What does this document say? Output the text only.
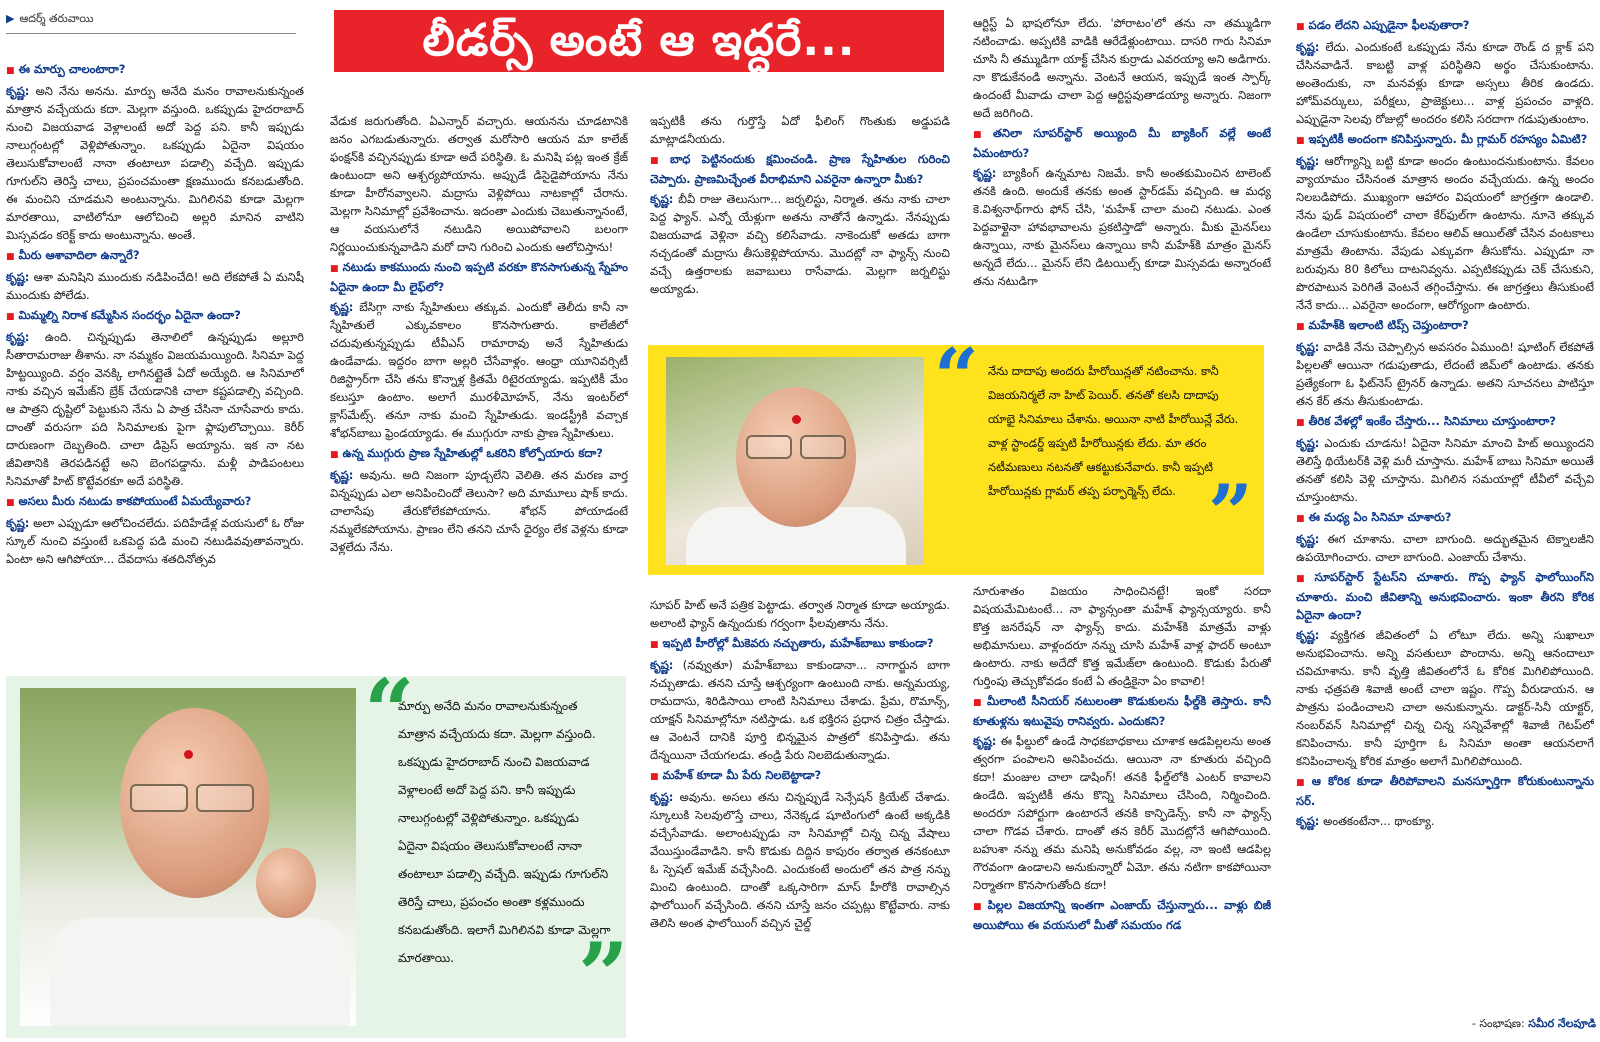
▶ ఆదర్శ్ తరువాయి	లీడర్స్ అంటే ఆ ఇద్దరే...
■ ఈ మార్పు చాలంటారా?

కృష్ణ: అని నేను అనను. మార్పు అనేది మనం రావాలనుకున్నంత మాత్రాన వచ్చేయదు కదా. మెల్లగా వస్తుంది. ఒకప్పుడు హైదరాబాద్ నుంచి విజయవాడ వెళ్లాలంటే అదో పెద్ద పని. కానీ ఇప్పుడు నాలుగ్గంటల్లో వెళ్లిపోతున్నాం. ఒకప్పుడు ఏదైనా విషయం తెలుసుకోవాలంటే నానా తంటాలూ పడాల్సి వచ్చేది. ఇప్పుడు గూగుల్‌ని తెరిస్తే చాలు, ప్రపంచమంతా క్షణముందు కనబడుతోంది. ఈ మంచిని చూడమని అంటున్నాను. మిగిలినవి కూడా మెల్లగా మారతాయి, వాటిలోనూ ఆలోచించి అల్లరి మానిన వాటిని మిస్సవడం కరెక్ట్ కాదు అంటున్నాను. అంతే.

■ మీరు ఆశావాదిలా ఉన్నారే?

కృష్ణ: ఆశా మనిషిని ముందుకు నడిపించేది! అది లేకపోతే ఏ మనిషీ ముందుకు పోలేడు.

■ మిమ్మల్ని నిరాశ కమ్మేసిన సందర్భం ఏదైనా ఉందా?

కృష్ణ: ఉంది. చిన్నప్పుడు తెనాలిలో ఉన్నప్పుడు అల్లూరి సీతారామరాజు తీశాను. నా నమ్మకం విజయమయ్యింది. సినిమా పెద్ద హిట్టయ్యింది. వర్షం వెనక్కి లాగినట్లైతే ఏదో అయ్యేది. ఆ సినిమాలో నాకు వచ్చిన ఇమేజ్‌ని బ్రేక్ చేయడానికి చాలా కష్టపడాల్సి వచ్చింది. ఆ పాత్రని దృష్టిలో పెట్టుకుని నేను ఏ పాత్ర చేసినా చూసేవారు కాదు. దాంతో వరుసగా పది సినిమాలకు పైగా ఫ్లాపులొచ్చాయి. కెరీర్ దారుణంగా దెబ్బతింది. చాలా డిప్రెస్ అయ్యాను. ఇక నా నట జీవితానికి తెరపడినట్టే అని బెంగపడ్డాను. మళ్లీ పాడిపంటలు సినిమాతో హిట్ కొట్టేవరకూ అదే పరిస్థితి.

■ అసలు మీరు నటుడు కాకపోయుంటే ఏమయ్యేవారు?

కృష్ణ: అలా ఎప్పుడూ ఆలోచించలేదు. పదిహేడేళ్ల వయసులో ఓ రోజు స్కూల్ నుంచి వస్తుంటే ఒకపెద్ద పడి మంచి నటుడివవుతావన్నారు. ఏంటా అని ఆగిపోయా... దేవదాసు శతదినోత్సవ

వేడుక జరుగుతోంది. ఏఎన్నార్ వచ్చారు. ఆయనను చూడటానికి జనం ఎగబడుతున్నారు. తర్వాత మరోసారి ఆయన మా కాలేజ్ ఫంక్షన్‌కి వచ్చినప్పుడు కూడా అదే పరిస్థితి. ఓ మనిషి పట్ల ఇంత క్రేజ్ ఉంటుందా అని ఆశ్చర్యపోయాను. అప్పుడే డిసైడైపోయాను నేను కూడా హీరోనవ్వాలని. మద్రాసు వెళ్లిపోయి నాటకాల్లో చేరాను. మెల్లగా సినిమాల్లో ప్రవేశించాను. ఇదంతా ఎందుకు చెబుతున్నానంటే, ఆ వయసులోనే నటుడిని అయిపోవాలని బలంగా నిర్ణయించుకున్నవాడిని మరో దాని గురించి ఎందుకు ఆలోచిస్తాను!

■ నటుడు కాకముందు నుంచి ఇప్పటి వరకూ కొనసాగుతున్న స్నేహం ఏదైనా ఉందా మీ లైఫ్‌లో?

కృష్ణ: బేసిగ్గా నాకు స్నేహితులు తక్కువ. ఎందుకో తెలీదు కానీ నా స్నేహితులే ఎక్కువకాలం కొనసాగుతారు. కాలేజీలో చదువుతున్నప్పుడు టీవీఎస్ రామారావు అనే స్నేహితుడు ఉండేవాడు. ఇద్దరం బాగా అల్లరి చేసేవాళ్లం. ఆంధ్రా యూనివర్సిటీ రిజిస్ట్రార్‌గా చేసి తను కొన్నాళ్ల క్రితమే రిటైరయ్యాడు. ఇప్పటికీ మేం కలుస్తూ ఉంటాం. అలాగే మురళీమోహన్, నేను ఇంటర్‌లో క్లాస్‌మేట్స్. తనూ నాకు మంచి స్నేహితుడు. ఇండస్ట్రీకి వచ్చాక శోభన్‌బాబు ఫ్రెండయ్యాడు. ఈ ముగ్గురూ నాకు ప్రాణ స్నేహితులు.

■ ఉన్న ముగ్గురు ప్రాణ స్నేహితుల్లో ఒకరిని కోల్పోయారు కదా?

కృష్ణ: అవును. అది నిజంగా పూడ్చలేని వెలితి. తన మరణ వార్త విన్నప్పుడు ఎలా అనిపించిందో తెలుసా? అది మామూలు షాక్ కాదు. చాలాసేపు తేరుకోలేకపోయాను. శోభన్ పోయాడంటే నమ్మలేకపోయాను. ప్రాణం లేని తనని చూసే ధైర్యం లేక వెళ్లను కూడా వెళ్లలేదు నేను.

ఇప్పటికీ తను గుర్తొస్తే ఏదో ఫీలింగ్ గొంతుకు అడ్డుపడి మాట్లాడనీయదు.

■ బాధ పెట్టినందుకు క్షమించండి. ప్రాణ స్నేహితుల గురించి చెప్పారు. ప్రాణమిచ్చేంత వీరాభిమాని ఎవరైనా ఉన్నారా మీకు?

కృష్ణ: బీవీ రాజు తెలుసుగా... జర్నలిస్టు, నిర్మాత. తను నాకు చాలా పెద్ద ఫ్యాన్. ఎన్నో యేళ్లుగా అతను నాతోనే ఉన్నాడు. నేనప్పుడు విజయవాడ వెళ్లినా వచ్చి కలిసేవాడు. నాకెందుకో అతడు బాగా నచ్చడంతో మద్రాసు తీసుకెళ్లిపోయాను. మొదట్లో నా ఫ్యాన్స్ నుంచి వచ్చే ఉత్తరాలకు జవాబులు రాసేవాడు. మెల్లగా జర్నలిస్టు అయ్యాడు.

సూపర్ హిట్ అనే పత్రిక పెట్టాడు. తర్వాత నిర్మాత కూడా అయ్యాడు. అలాంటి ఫ్యాన్ ఉన్నందుకు గర్వంగా ఫీలవుతాను నేను.

■ ఇప్పటి హీరోల్లో మీకెవరు నచ్చుతారు, మహేశ్‌బాబు కాకుండా?

కృష్ణ: (నవ్వుతూ) మహేశ్‌బాబు కాకుండానా... నాగార్జున బాగా నచ్చుతాడు. తనని చూస్తే ఆశ్చర్యంగా ఉంటుంది నాకు. అన్నమయ్య, రామదాసు, శిరిడిసాయి లాంటి సినిమాలు చేశాడు. ప్రేమ, రొమాన్స్, యాక్షన్ సినిమాల్లోనూ నటిస్తాడు. ఒక భక్తిరస ప్రధాన చిత్రం చేస్తాడు. ఆ వెంటనే దానికి పూర్తి భిన్నమైన పాత్రలో కనిపిస్తాడు. తను దేన్నయినా చేయగలడు. తండ్రి పేరు నిలబెడుతున్నాడు.

■ మహేశ్ కూడా మీ పేరు నిలబెట్టాడా?

కృష్ణ: అవును. అసలు తను చిన్నప్పుడే సెన్సేషన్ క్రియేట్ చేశాడు. స్కూలుకి సెలవులొస్తే చాలు, నేనెక్కడ షూటింగులో ఉంటే అక్కడికి వచ్చేసేవాడు. అలాంటప్పుడు నా సినిమాల్లో చిన్న చిన్న వేషాలు వేయిస్తుండేవాడిని. కానీ కొడుకు దిద్దిన కాపురం తర్వాత తనకంటూ ఓ స్పెషల్ ఇమేజ్ వచ్చేసింది. ఎందుకంటే అందులో తన పాత్ర నన్ను మించి ఉంటుంది. దాంతో ఒక్కసారిగా మాస్ హీరోకి రావాల్సిన ఫాలోయింగ్ వచ్చేసింది. తనని చూస్తే జనం చప్పట్లు కొట్టేవారు. నాకు తెలిసి అంత ఫాలోయింగ్ వచ్చిన చైల్డ్

ఆర్టిస్ట్ ఏ భాషలోనూ లేదు. 'పోరాటం'లో తను నా తమ్ముడిగా నటించాడు. అప్పటికి వాడికి ఆరేడేళ్లుంటాయి. దాసరి గారు సినిమా చూసి నీ తమ్ముడిగా యాక్ట్ చేసిన కుర్రాడు ఎవరయ్యా అని అడిగారు. నా కొడుకేనండి అన్నాను. వెంటనే ఆయన, ఇప్పుడే ఇంత స్పార్క్ ఉందంటే మీవాడు చాలా పెద్ద ఆర్టిస్టవుతాడయ్యా అన్నారు. నిజంగా అదే జరిగింది.

■ తనిలా సూపర్‌స్టార్ అయ్యింది మీ బ్యాకింగ్ వల్లే అంటే ఏమంటారు?

కృష్ణ: బ్యాకింగ్ ఉన్నమాట నిజమే. కానీ అంతకుమించిన టాలెంట్ తనకి ఉంది. అందుకే తనకు అంత స్టార్‌డమ్ వచ్చింది. ఆ మధ్య కె.విశ్వనాథ్‌గారు ఫోన్ చేసి, 'మహేశ్ చాలా మంచి నటుడు. ఎంత పెద్దవాళ్లైనా హావభావాలను ప్రకటిస్తాడో' అన్నారు. మీకు మైనస్‌లు ఉన్నాయి, నాకు మైనస్‌లు ఉన్నాయి కానీ మహేశ్‌కి మాత్రం మైనస్ అన్నదే లేదు... మైనస్ లేని డిటయిల్స్ కూడా మిస్సవడు అన్నారంటే తను నటుడిగా

నూరుశాతం విజయం సాధించినట్టే! ఇంకో సరదా విషయమేమిటంటే... నా ఫ్యాన్సంతా మహేశ్ ఫ్యాన్సయ్యారు. కానీ కొత్త జనరేషన్ నా ఫ్యాన్స్ కాదు. మహేశ్‌కి మాత్రమే వాళ్లు అభిమానులు. వాళ్లందరూ నన్ను చూసి మహేశ్ వాళ్ల ఫాదర్ అంటూ ఉంటారు. నాకు అదేదో కొత్త ఇమేజ్‌లా ఉంటుంది. కొడుకు పేరుతో గుర్తింపు తెచ్చుకోవడం కంటే ఏ తండ్రికైనా ఏం కావాలి!

■ మీలాంటి సీనియర్ నటులంతా కొడుకులను ఫీల్డ్‌కి తెస్తారు. కానీ కూతుళ్లను ఇటువైపు రానివ్వరు. ఎందుకని?

కృష్ణ: ఈ ఫీల్డులో ఉండే సాధకబాధకాలు చూశాక ఆడపిల్లలను అంత త్వరగా పంపాలని అనిపించదు. ఆయినా నా కూతురు వచ్చింది కదా! మంజుల చాలా డాషింగ్! తనకి ఫీల్డ్‌లోకి ఎంటర్ కావాలని ఉండేది. ఇప్పటికీ తను కొన్ని సినిమాలు చేసింది, నిర్మించింది. అందరూ సపోర్టుగా ఉంటారనే తనకి కాన్ఫిడెన్స్. కానీ నా ఫ్యాన్స్ చాలా గొడవ చేశారు. దాంతో తన కెరీర్ మొదట్లోనే ఆగిపోయింది. బహుశా నన్ను తమ మనిషి అనుకోవడం వల్ల, నా ఇంటి ఆడపిల్ల గౌరవంగా ఉండాలని అనుకున్నారో ఏమో. తను నటిగా కాకపోయినా నిర్మాతగా కొనసాగుతోంది కదా!

■ పిల్లల విజయాన్ని ఇంతగా ఎంజాయ్ చేస్తున్నారు... వాళ్లు బిజీ అయిపోయి ఈ వయసులో మీతో సమయం గడ
■ పడం లేదని ఎప్పుడైనా ఫీలవుతారా?

కృష్ణ: లేదు. ఎందుకంటే ఒకప్పుడు నేను కూడా రౌండ్ ద క్లాక్ పని చేసినవాడినే. కాబట్టి వాళ్ల పరిస్థితిని అర్థం చేసుకుంటాను. అంతెందుకు, నా మనవళ్లు కూడా అస్సలు తీరిక ఉండదు. హోమ్‌వర్కులు, పరీక్షలు, ప్రాజెక్టులు... వాళ్ల ప్రపంచం వాళ్లది. ఎప్పుడైనా సెలవు రోజుల్లో అందరం కలిసి సరదాగా గడుపుతుంటాం.

■ ఇప్పటికీ అందంగా కనిపిస్తున్నారు. మీ గ్లామర్ రహస్యం ఏమిటి?

కృష్ణ: ఆరోగ్యాన్ని బట్టి కూడా అందం ఉంటుందనుకుంటాను. కేవలం వ్యాయామం చేసినంత మాత్రాన అందం వచ్చేయదు. ఉన్న అందం నిలబడిపోదు. ముఖ్యంగా ఆహారం విషయంలో జాగ్రత్తగా ఉండాలి. నేను ఫుడ్ విషయంలో చాలా కేర్‌ఫుల్‌గా ఉంటాను. నూనె తక్కువ ఉండేలా చూసుకుంటాను. కేవలం ఆలివ్ ఆయిల్‌తో చేసిన వంటకాలు మాత్రమే తింటాను. వేపుడు ఎక్కువగా తీసుకోను. ఎప్పుడూ నా బరువును 80 కిలోలు దాటనివ్వను. ఎప్పటికప్పుడు చెక్ చేసుకుని, పొరపాటున పెరిగితే వెంటనే తగ్గించేస్తాను. ఈ జాగ్రత్తలు తీసుకుంటే నేనే కాదు... ఎవరైనా అందంగా, ఆరోగ్యంగా ఉంటారు.

■ మహేశ్‌కి ఇలాంటి టిప్స్ చెప్తుంటారా?

కృష్ణ: వాడికి నేను చెప్పాల్సిన అవసరం ఏముంది! షూటింగ్ లేకపోతే పిల్లలతో ఆయినా గడుపుతాడు, లేదంటే జిమ్‌లో ఉంటాడు. తనకు ప్రత్యేకంగా ఓ ఫిట్‌నెస్ ట్రైనర్ ఉన్నాడు. అతని సూచనలు పాటిస్తూ తన కేర్ తను తీసుకుంటాడు.

■ తీరిక వేళల్లో ఇంకేం చేస్తారు... సినిమాలు చూస్తుంటారా?

కృష్ణ: ఎందుకు చూడను! ఏదైనా సినిమా మాంచి హిట్ అయ్యిందని తెలిస్తే థియేటర్‌కి వెళ్లి మరీ చూస్తాను. మహేశ్ బాబు సినిమా అయితే తనతో కలిసి వెళ్లి చూస్తాను. మిగిలిన సమయాల్లో టీవీలో వచ్చేవి చూస్తుంటాను.

■ ఈ మధ్య ఏం సినిమా చూశారు?

కృష్ణ: ఈగ చూశాను. చాలా బాగుంది. అద్భుతమైన టెక్నాలజీని ఉపయోగించారు. చాలా బాగుంది. ఎంజాయ్ చేశాను.

■ సూపర్‌స్టార్ స్టేటస్‌ని చూశారు. గొప్ప ఫ్యాన్ ఫాలోయింగ్‌ని చూశారు. మంచి జీవితాన్ని అనుభవించారు. ఇంకా తీరని కోరిక ఏదైనా ఉందా?

కృష్ణ: వ్యక్తిగత జీవితంలో ఏ లోటూ లేదు. అన్ని సుఖాలూ అనుభవించాను. అన్ని వసతులూ పొందాను. అన్ని ఆనందాలూ చవిచూశాను. కానీ వృత్తి జీవితంలోనే ఓ కోరిక మిగిలిపోయింది. నాకు ఛత్రపతి శివాజీ అంటే చాలా ఇష్టం. గొప్ప వీరుడాయన. ఆ పాత్రను పండించాలని చాలా అనుకున్నాను. డాక్టర్-సినీ యాక్టర్, నంబర్‌వన్ సినిమాల్లో చిన్న చిన్న సన్నివేశాల్లో శివాజీ గెటప్‌లో కనిపించాను. కానీ పూర్తిగా ఓ సినిమా అంతా ఆయనలాగే కనిపించాలన్న కోరిక మాత్రం అలాగే మిగిలిపోయింది.

■ ఆ కోరిక కూడా తీరిపోవాలని మనస్ఫూర్తిగా కోరుకుంటున్నాను సర్.

కృష్ణ: అంతకంటేనా... థాంక్యూ.

“ నేను దాదాపు అందరు హీరోయిన్లతో నటించాను. కానీ విజయనిర్మలే నా హిట్ పెయిర్. తనతో కలసి దాదాపు యాభై సినిమాలు చేశాను. అయినా నాటి హీరోయిన్లే వేరు. వాళ్ల స్టాండర్డ్ ఇప్పటి హీరోయిన్లకు లేదు. మా తరం నటీమణులు నటనతో ఆకట్టుకునేవారు. కానీ ఇప్పటి హీరోయిన్లకు గ్లామర్ తప్ప పర్ఫార్మెన్స్ లేదు. ”
“
మార్పు అనేది మనం రావాలనుకున్నంత మాత్రాన వచ్చేయదు కదా. మెల్లగా వస్తుంది. ఒకప్పుడు హైదరాబాద్ నుంచి విజయవాడ వెళ్లాలంటే అదో పెద్ద పని. కానీ ఇప్పుడు నాలుగ్గంటల్లో వెళ్లిపోతున్నాం. ఒకప్పుడు ఏదైనా విషయం తెలుసుకోవాలంటే నానా తంటాలూ పడాల్సి వచ్చేది. ఇప్పుడు గూగుల్‌ని తెరిస్తే చాలు, ప్రపంచం అంతా కళ్లముందు కనబడుతోంది. ఇలాగే మిగిలినవి కూడా మెల్లగా మారతాయి.	”	- సంభాషణ: సమీర నేలపూడి
